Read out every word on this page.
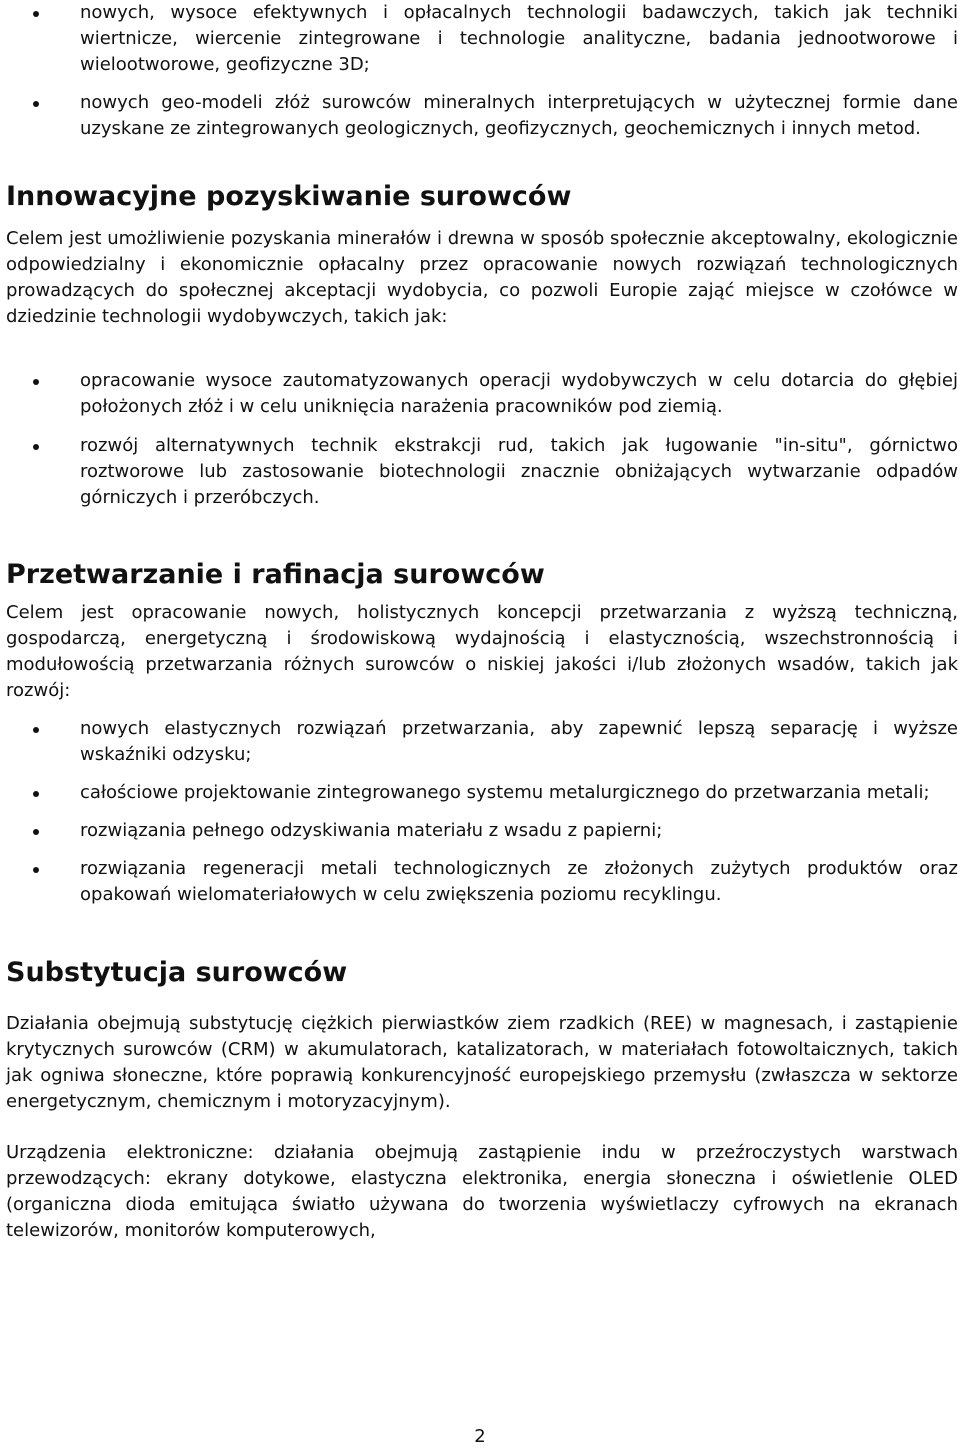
nowych, wysoce efektywnych i opłacalnych technologii badawczych, takich jak techniki wiertnicze, wiercenie zintegrowane i technologie analityczne, badania jednootworowe i wielootworowe, geofizyczne 3D;
nowych geo-modeli złóż surowców mineralnych interpretujących w użytecznej formie dane uzyskane ze zintegrowanych geologicznych, geofizycznych, geochemicznych i innych metod.
Innowacyjne pozyskiwanie surowców

Celem jest umożliwienie pozyskania minerałów i drewna w sposób społecznie akceptowalny, ekologicznie odpowiedzialny i ekonomicznie opłacalny przez opracowanie nowych rozwiązań technologicznych prowadzących do społecznej akceptacji wydobycia, co pozwoli Europie zająć miejsce w czołówce w dziedzinie technologii wydobywczych, takich jak:

opracowanie wysoce zautomatyzowanych operacji wydobywczych w celu dotarcia do głębiej położonych złóż i w celu uniknięcia narażenia pracowników pod ziemią.
rozwój alternatywnych technik ekstrakcji rud, takich jak ługowanie "in-situ", górnictwo roztworowe lub zastosowanie biotechnologii znacznie obniżających wytwarzanie odpadów górniczych i przeróbczych.
Przetwarzanie i rafinacja surowców

Celem jest opracowanie nowych, holistycznych koncepcji przetwarzania z wyższą techniczną, gospodarczą, energetyczną i środowiskową wydajnością i elastycznością, wszechstronnością i modułowością przetwarzania różnych surowców o niskiej jakości i/lub złożonych wsadów, takich jak rozwój:

nowych elastycznych rozwiązań przetwarzania, aby zapewnić lepszą separację i wyższe wskaźniki odzysku;
całościowe projektowanie zintegrowanego systemu metalurgicznego do przetwarzania metali;
rozwiązania pełnego odzyskiwania materiału z wsadu z papierni;
rozwiązania regeneracji metali technologicznych ze złożonych zużytych produktów oraz opakowań wielomateriałowych w celu zwiększenia poziomu recyklingu.
Substytucja surowców

Działania obejmują substytucję ciężkich pierwiastków ziem rzadkich (REE) w magnesach, i zastąpienie krytycznych surowców (CRM) w akumulatorach, katalizatorach, w materiałach fotowoltaicznych, takich jak ogniwa słoneczne, które poprawią konkurencyjność europejskiego przemysłu (zwłaszcza w sektorze energetycznym, chemicznym i motoryzacyjnym).

Urządzenia elektroniczne: działania obejmują zastąpienie indu w przeźroczystych warstwach przewodzących: ekrany dotykowe, elastyczna elektronika, energia słoneczna i oświetlenie OLED (organiczna dioda emitująca światło używana do tworzenia wyświetlaczy cyfrowych na ekranach telewizorów, monitorów komputerowych,

2
